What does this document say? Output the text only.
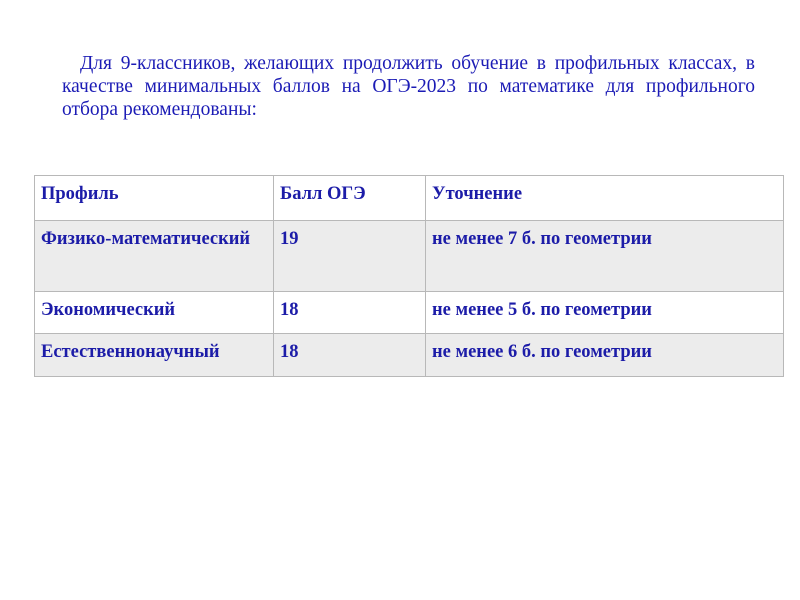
Для 9-классников, желающих продолжить обучение в профильных классах, в качестве минимальных баллов на ОГЭ-2023 по математике для профильного отбора рекомендованы:

Профиль	Балл ОГЭ	Уточнение
Физико-математический	19	не менее 7 б. по геометрии
Экономический	18	не менее 5 б. по геометрии
Естественнонаучный	18	не менее 6 б. по геометрии
